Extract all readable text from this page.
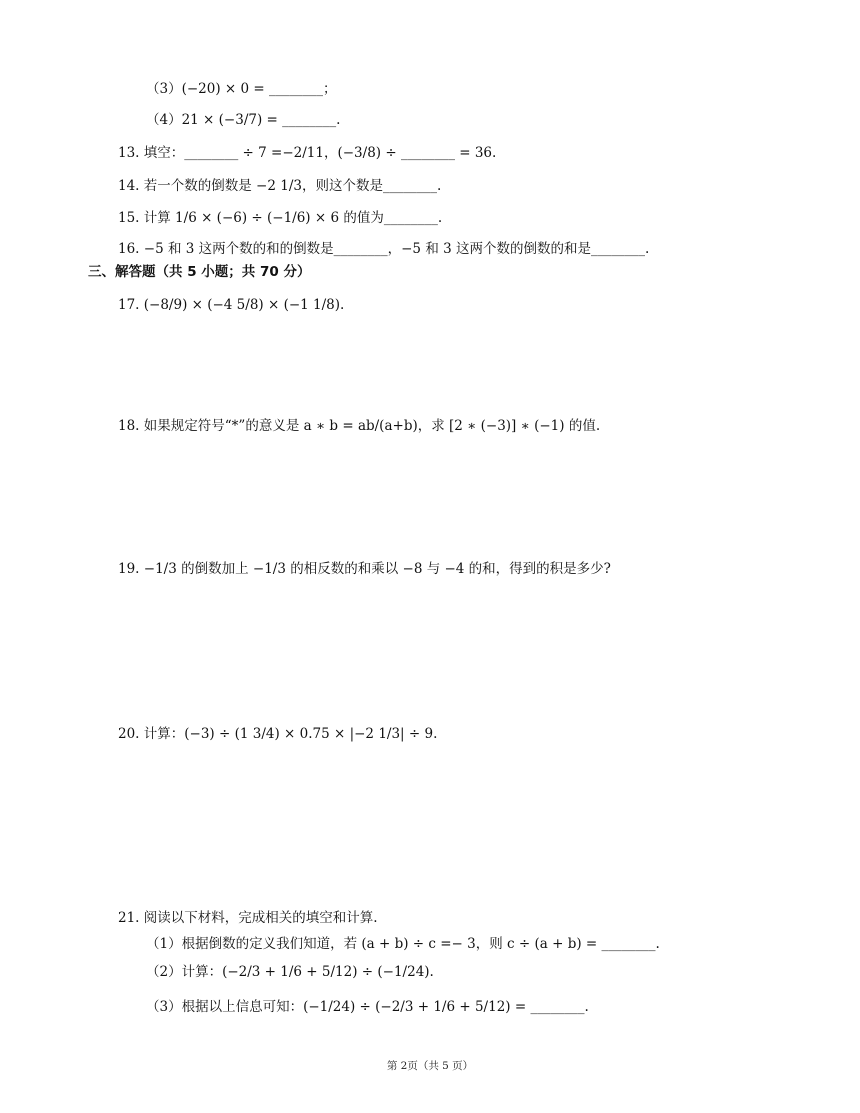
（3）(−20) × 0 = ________；
（4）21 × (−3/7) = ________.
13. 填空：________ ÷ 7 =−2/11，(−3/8) ÷ ________ = 36.
14. 若一个数的倒数是 −2 1/3，则这个数是________.
15. 计算 1/6 × (−6) ÷ (−1/6) × 6 的值为________.
16. −5 和 3 这两个数的和的倒数是________，−5 和 3 这两个数的倒数的和是________.
三、解答题（共 5 小题；共 70 分）
17. (−8/9) × (−4 5/8) × (−1 1/8).
18. 如果规定符号“*”的意义是 a ∗ b = ab/(a+b)，求 [2 ∗ (−3)] ∗ (−1) 的值.
19. −1/3 的倒数加上 −1/3 的相反数的和乘以 −8 与 −4 的和，得到的积是多少?
20. 计算：(−3) ÷ (1 3/4) × 0.75 × |−2 1/3| ÷ 9.
21. 阅读以下材料，完成相关的填空和计算.
（1）根据倒数的定义我们知道，若 (a + b) ÷ c =− 3，则 c ÷ (a + b) = ________.
（2）计算：(−2/3 + 1/6 + 5/12) ÷ (−1/24).
（3）根据以上信息可知：(−1/24) ÷ (−2/3 + 1/6 + 5/12) = ________.
第 2页（共 5 页）
